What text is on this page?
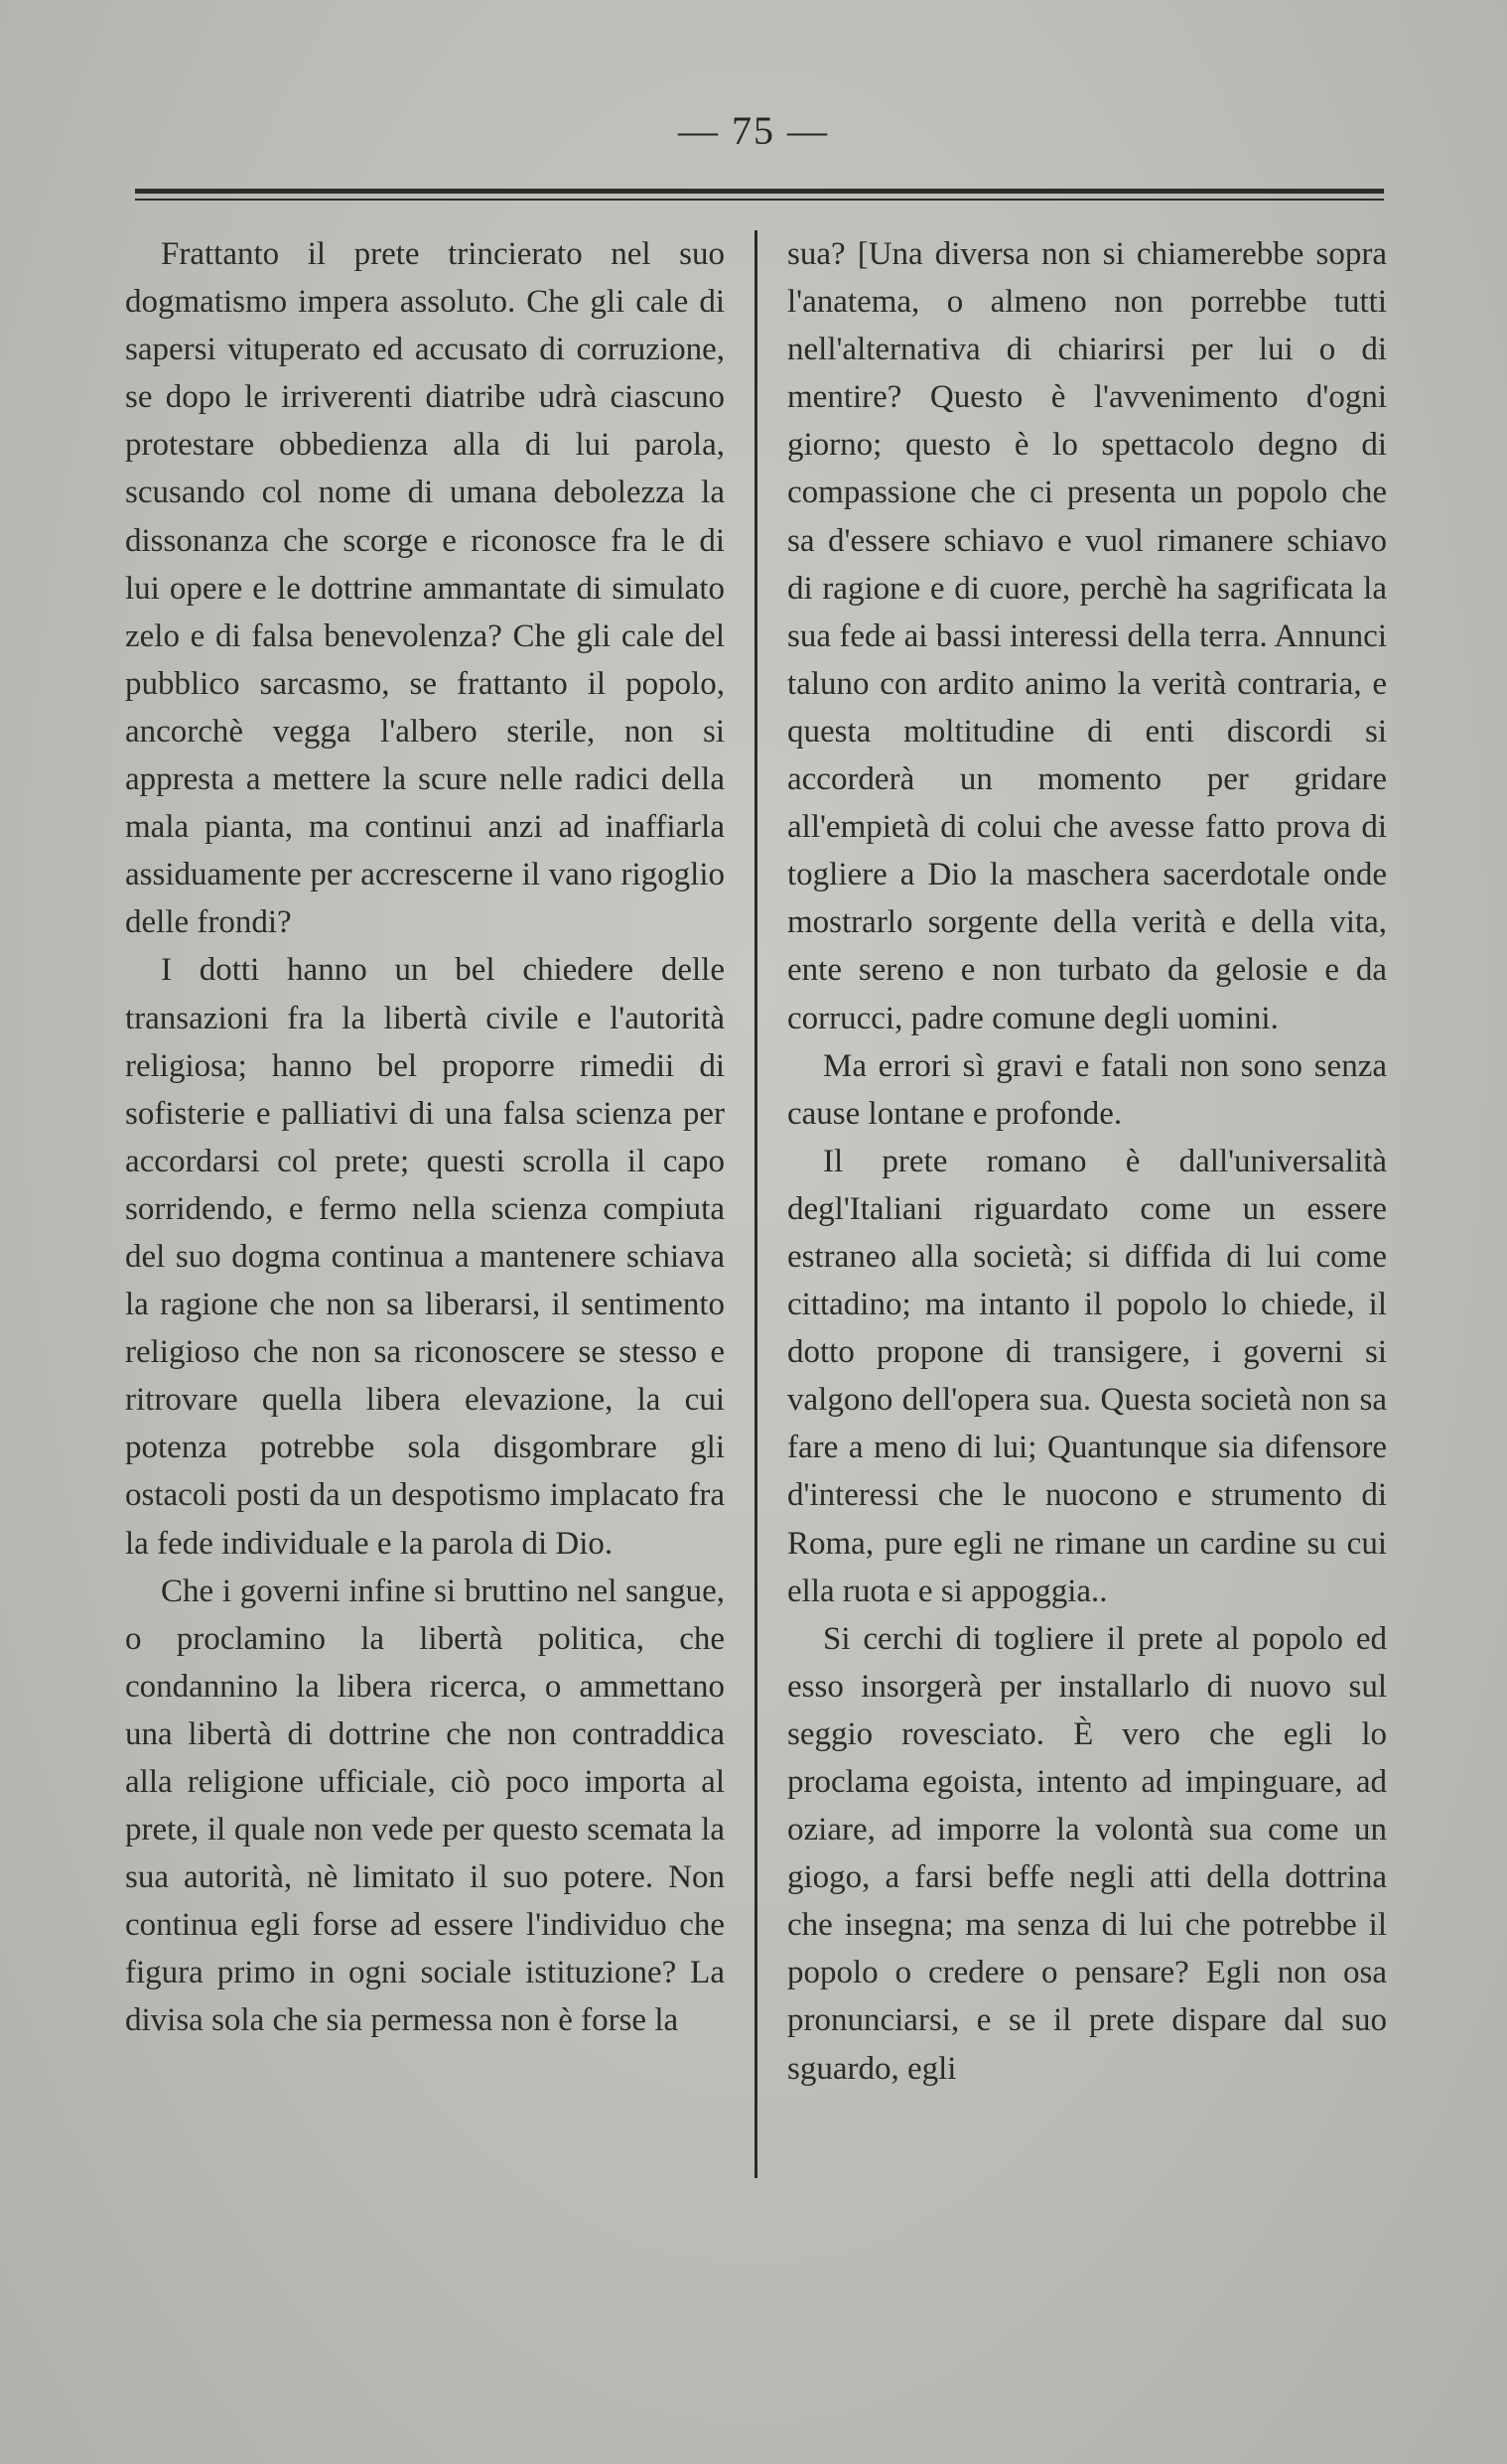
— 75 —

Frattanto il prete trincierato nel suo dogmatismo impera assoluto. Che gli cale di sapersi vituperato ed accusato di corruzione, se dopo le irriverenti diatribe udrà ciascuno protestare obbedienza alla di lui parola, scusando col nome di umana debolezza la dissonanza che scorge e riconosce fra le di lui opere e le dottrine ammantate di simulato zelo e di falsa benevolenza? Che gli cale del pubblico sarcasmo, se frattanto il popolo, ancorchè vegga l'albero sterile, non si appresta a mettere la scure nelle radici della mala pianta, ma continui anzi ad inaffiarla assiduamente per accrescerne il vano rigoglio delle frondi?

I dotti hanno un bel chiedere delle transazioni fra la libertà civile e l'autorità religiosa; hanno bel proporre rimedii di sofisterie e palliativi di una falsa scienza per accordarsi col prete; questi scrolla il capo sorridendo, e fermo nella scienza compiuta del suo dogma continua a mantenere schiava la ragione che non sa liberarsi, il sentimento religioso che non sa riconoscere se stesso e ritrovare quella libera elevazione, la cui potenza potrebbe sola disgombrare gli ostacoli posti da un despotismo implacato fra la fede individuale e la parola di Dio.

Che i governi infine si bruttino nel sangue, o proclamino la libertà politica, che condannino la libera ricerca, o ammettano una libertà di dottrine che non contraddica alla religione ufficiale, ciò poco importa al prete, il quale non vede per questo scemata la sua autorità, nè limitato il suo potere. Non continua egli forse ad essere l'individuo che figura primo in ogni sociale istituzione? La divisa sola che sia permessa non è forse la

sua? [Una diversa non si chiamerebbe sopra l'anatema, o almeno non porrebbe tutti nell'alternativa di chiarirsi per lui o di mentire? Questo è l'avvenimento d'ogni giorno; questo è lo spettacolo degno di compassione che ci presenta un popolo che sa d'essere schiavo e vuol rimanere schiavo di ragione e di cuore, perchè ha sagrificata la sua fede ai bassi interessi della terra. Annunci taluno con ardito animo la verità contraria, e questa moltitudine di enti discordi si accorderà un momento per gridare all'empietà di colui che avesse fatto prova di togliere a Dio la maschera sacerdotale onde mostrarlo sorgente della verità e della vita, ente sereno e non turbato da gelosie e da corrucci, padre comune degli uomini.

Ma errori sì gravi e fatali non sono senza cause lontane e profonde.

Il prete romano è dall'universalità degl'Italiani riguardato come un essere estraneo alla società; si diffida di lui come cittadino; ma intanto il popolo lo chiede, il dotto propone di transigere, i governi si valgono dell'opera sua. Questa società non sa fare a meno di lui; Quantunque sia difensore d'interessi che le nuocono e strumento di Roma, pure egli ne rimane un cardine su cui ella ruota e si appoggia..

Si cerchi di togliere il prete al popolo ed esso insorgerà per installarlo di nuovo sul seggio rovesciato. È vero che egli lo proclama egoista, intento ad impinguare, ad oziare, ad imporre la volontà sua come un giogo, a farsi beffe negli atti della dottrina che insegna; ma senza di lui che potrebbe il popolo o credere o pensare? Egli non osa pronunciarsi, e se il prete dispare dal suo sguardo, egli
